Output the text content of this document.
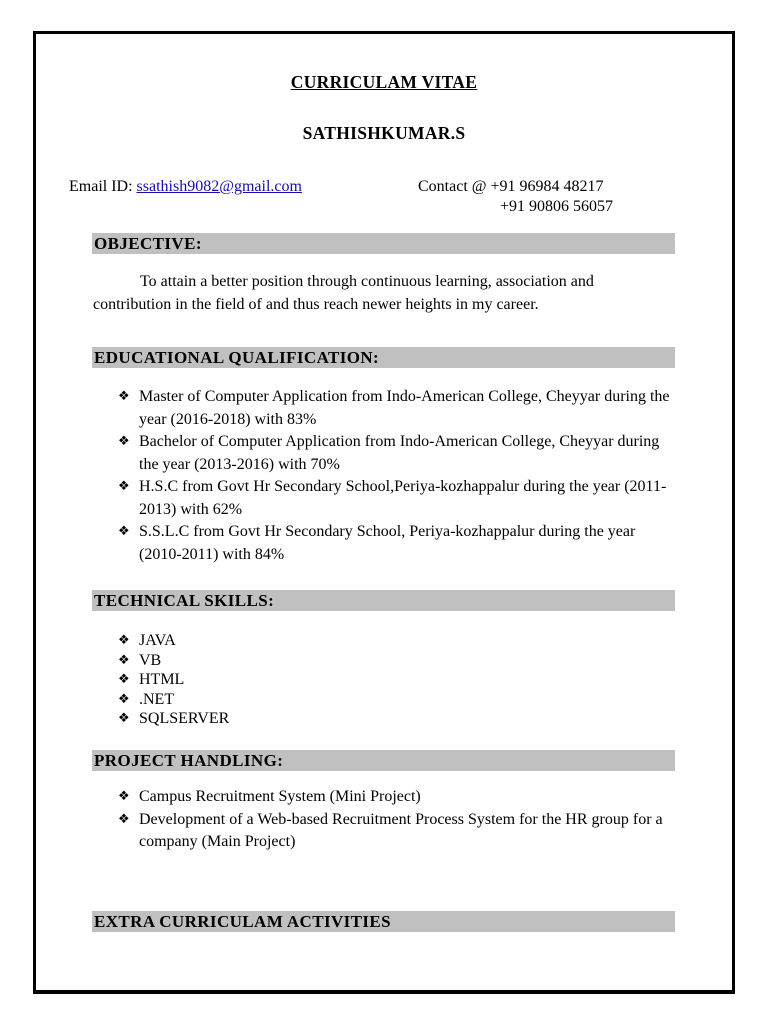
CURRICULAM VITAE
SATHISHKUMAR.S
Email ID: ssathish9082@gmail.com	Contact @ +91 96984 48217
+91 90806 56057
OBJECTIVE:
To attain a better position through continuous learning, association and
contribution in the field of and thus reach newer heights in my career.
EDUCATIONAL QUALIFICATION:
❖ Master of Computer Application from Indo-American College, Cheyyar during the year (2016-2018) with 83%
❖ Bachelor of Computer Application from Indo-American College, Cheyyar during the year (2013-2016) with 70%
❖ H.S.C from Govt Hr Secondary School,Periya-kozhappalur during the year (2011-2013) with 62%
❖ S.S.L.C from Govt Hr Secondary School, Periya-kozhappalur during the year (2010-2011) with 84%
TECHNICAL SKILLS:
❖ JAVA
❖ VB
❖ HTML
❖ .NET
❖ SQLSERVER
PROJECT HANDLING:
❖ Campus Recruitment System (Mini Project)
❖ Development of a Web-based Recruitment Process System for the HR group for a company (Main Project)
EXTRA CURRICULAM ACTIVITIES
